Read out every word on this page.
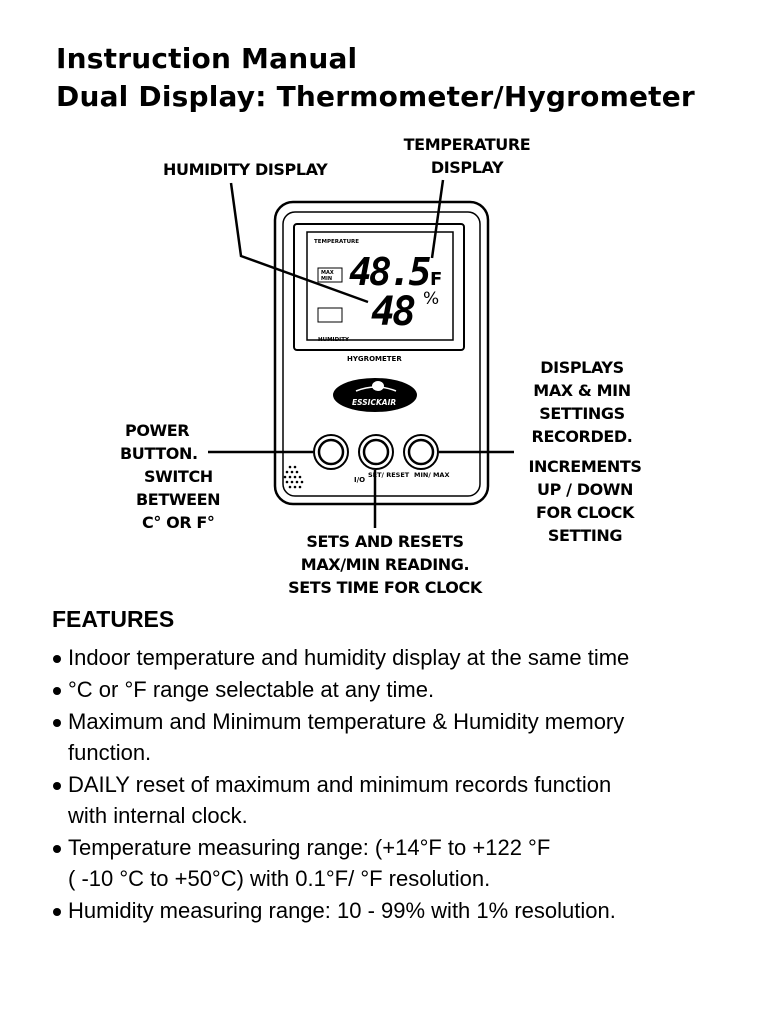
Instruction Manual
Dual Display: Thermometer/Hygrometer
TEMPERATURE
HUMIDITY
MAX
MIN 48.5 F
48 %
HYGROMETER
ESSICKAIR
I/O
SET/ RESET MIN/ MAX
HUMIDITY DISPLAY
TEMPERATURE
DISPLAY
POWER
BUTTON.
SWITCH
BETWEEN
C° OR F°
DISPLAYS
MAX & MIN
SETTINGS
RECORDED.
INCREMENTS
UP / DOWN
FOR CLOCK
SETTING
SETS AND RESETS
MAX/MIN READING.
SETS TIME FOR CLOCK
FEATURES
Indoor temperature and humidity display at the same time
°C or °F range selectable at any time.
Maximum and Minimum temperature & Humidity memory
function.
DAILY reset of maximum and minimum records function
with internal clock.
Temperature measuring range: (+14°F to +122 °F
( -10 °C to +50°C) with 0.1°F/ °F resolution.
Humidity measuring range: 10 - 99% with 1% resolution.
